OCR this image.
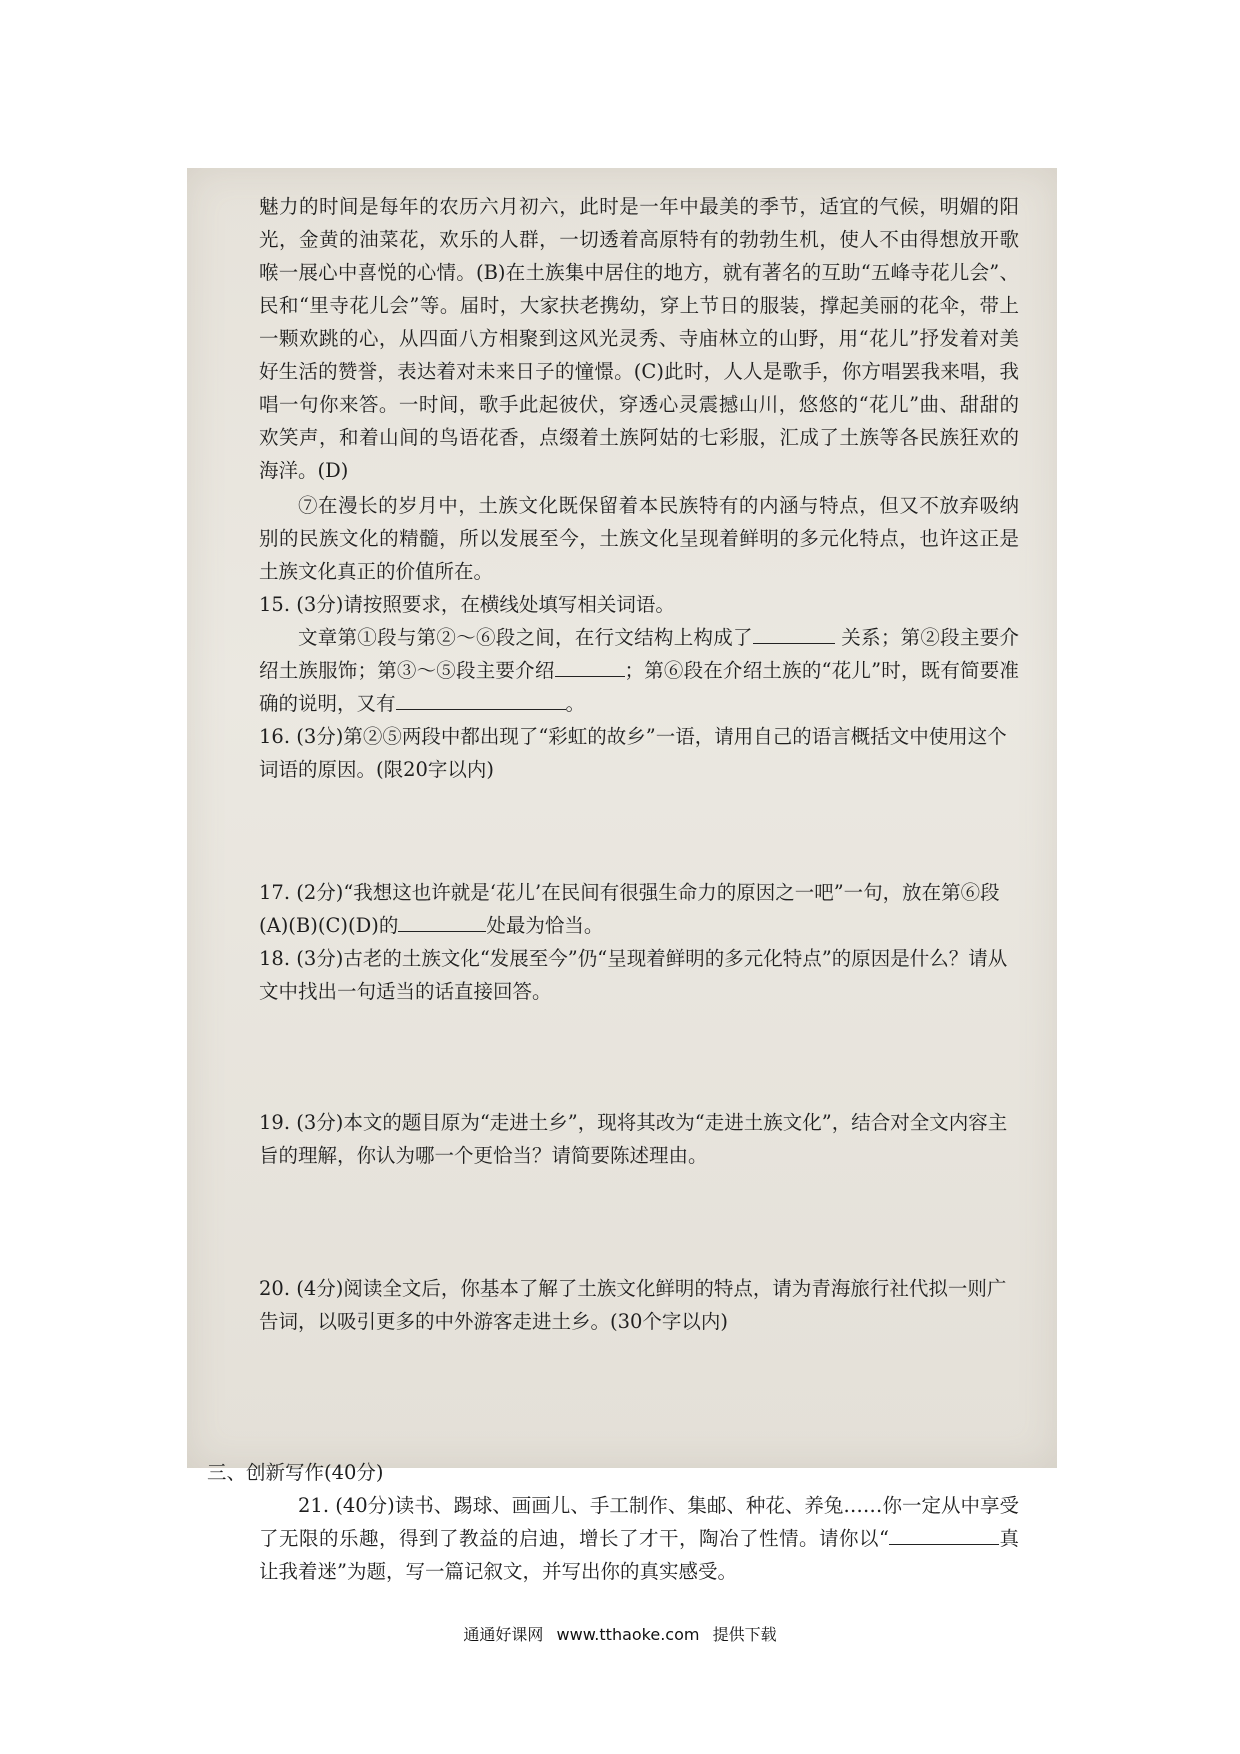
魅力的时间是每年的农历六月初六，此时是一年中最美的季节，适宜的气候，明媚的阳光，金黄的油菜花，欢乐的人群，一切透着高原特有的勃勃生机，使人不由得想放开歌喉一展心中喜悦的心情。(B)在土族集中居住的地方，就有著名的互助“五峰寺花儿会”、民和“里寺花儿会”等。届时，大家扶老携幼，穿上节日的服装，撑起美丽的花伞，带上一颗欢跳的心，从四面八方相聚到这风光灵秀、寺庙林立的山野，用“花儿”抒发着对美好生活的赞誉，表达着对未来日子的憧憬。(C)此时，人人是歌手，你方唱罢我来唱，我唱一句你来答。一时间，歌手此起彼伏，穿透心灵震撼山川，悠悠的“花儿”曲、甜甜的欢笑声，和着山间的鸟语花香，点缀着土族阿姑的七彩服，汇成了土族等各民族狂欢的海洋。(D)

⑦在漫长的岁月中，土族文化既保留着本民族特有的内涵与特点，但又不放弃吸纳别的民族文化的精髓，所以发展至今，土族文化呈现着鲜明的多元化特点，也许这正是土族文化真正的价值所在。

15. (3分)请按照要求，在横线处填写相关词语。

文章第①段与第②～⑥段之间，在行文结构上构成了	关系；第②段主要介绍土族服饰；第③～⑤段主要介绍	；第⑥段在介绍土族的“花儿”时，既有简要准确的说明，又有	。

16. (3分)第②⑤两段中都出现了“彩虹的故乡”一语，请用自己的语言概括文中使用这个词语的原因。(限20字以内)

17. (2分)“我想这也许就是‘花儿’在民间有很强生命力的原因之一吧”一句，放在第⑥段(A)(B)(C)(D)的	处最为恰当。

18. (3分)古老的土族文化“发展至今”仍“呈现着鲜明的多元化特点”的原因是什么？请从文中找出一句适当的话直接回答。

19. (3分)本文的题目原为“走进土乡”，现将其改为“走进土族文化”，结合对全文内容主旨的理解，你认为哪一个更恰当？请简要陈述理由。

20. (4分)阅读全文后，你基本了解了土族文化鲜明的特点，请为青海旅行社代拟一则广告词，以吸引更多的中外游客走进土乡。(30个字以内)

三、创新写作(40分)

21. (40分)读书、踢球、画画儿、手工制作、集邮、种花、养兔……你一定从中享受了无限的乐趣，得到了教益的启迪，增长了才干，陶冶了性情。请你以“	真让我着迷”为题，写一篇记叙文，并写出你的真实感受。

通通好课网 www.tthaoke.com 提供下载
